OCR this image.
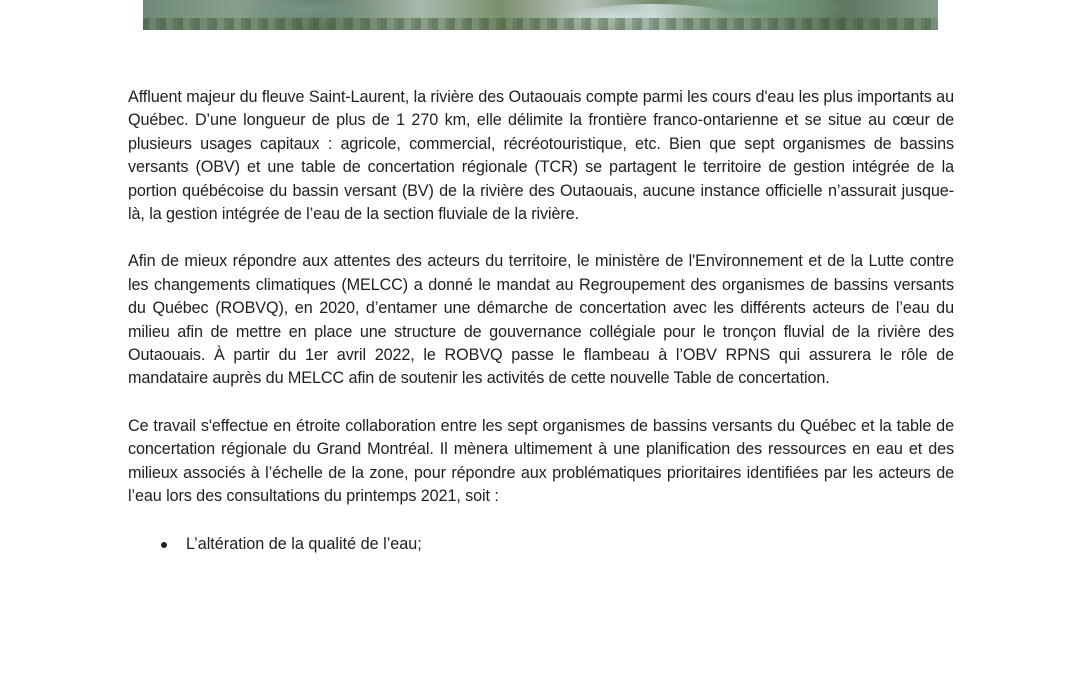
Affluent majeur du fleuve Saint-Laurent, la rivière des Outaouais compte parmi les cours d'eau les plus importants au Québec. D’une longueur de plus de 1 270 km, elle délimite la frontière franco-ontarienne et se situe au cœur de plusieurs usages capitaux : agricole, commercial, récréotouristique, etc. Bien que sept organismes de bassins versants (OBV) et une table de concertation régionale (TCR) se partagent le territoire de gestion intégrée de la portion québécoise du bassin versant (BV) de la rivière des Outaouais, aucune instance officielle n’assurait jusque-là, la gestion intégrée de l’eau de la section fluviale de la rivière.

Afin de mieux répondre aux attentes des acteurs du territoire, le ministère de l'Environnement et de la Lutte contre les changements climatiques (MELCC) a donné le mandat au Regroupement des organismes de bassins versants du Québec (ROBVQ), en 2020, d’entamer une démarche de concertation avec les différents acteurs de l’eau du milieu afin de mettre en place une structure de gouvernance collégiale pour le tronçon fluvial de la rivière des Outaouais. À partir du 1er avril 2022, le ROBVQ passe le flambeau à l’OBV RPNS qui assurera le rôle de mandataire auprès du MELCC afin de soutenir les activités de cette nouvelle Table de concertation.

Ce travail s'effectue en étroite collaboration entre les sept organismes de bassins versants du Québec et la table de concertation régionale du Grand Montréal. Il mènera ultimement à une planification des ressources en eau et des milieux associés à l’échelle de la zone, pour répondre aux problématiques prioritaires identifiées par les acteurs de l’eau lors des consultations du printemps 2021, soit :

L’altération de la qualité de l’eau;
